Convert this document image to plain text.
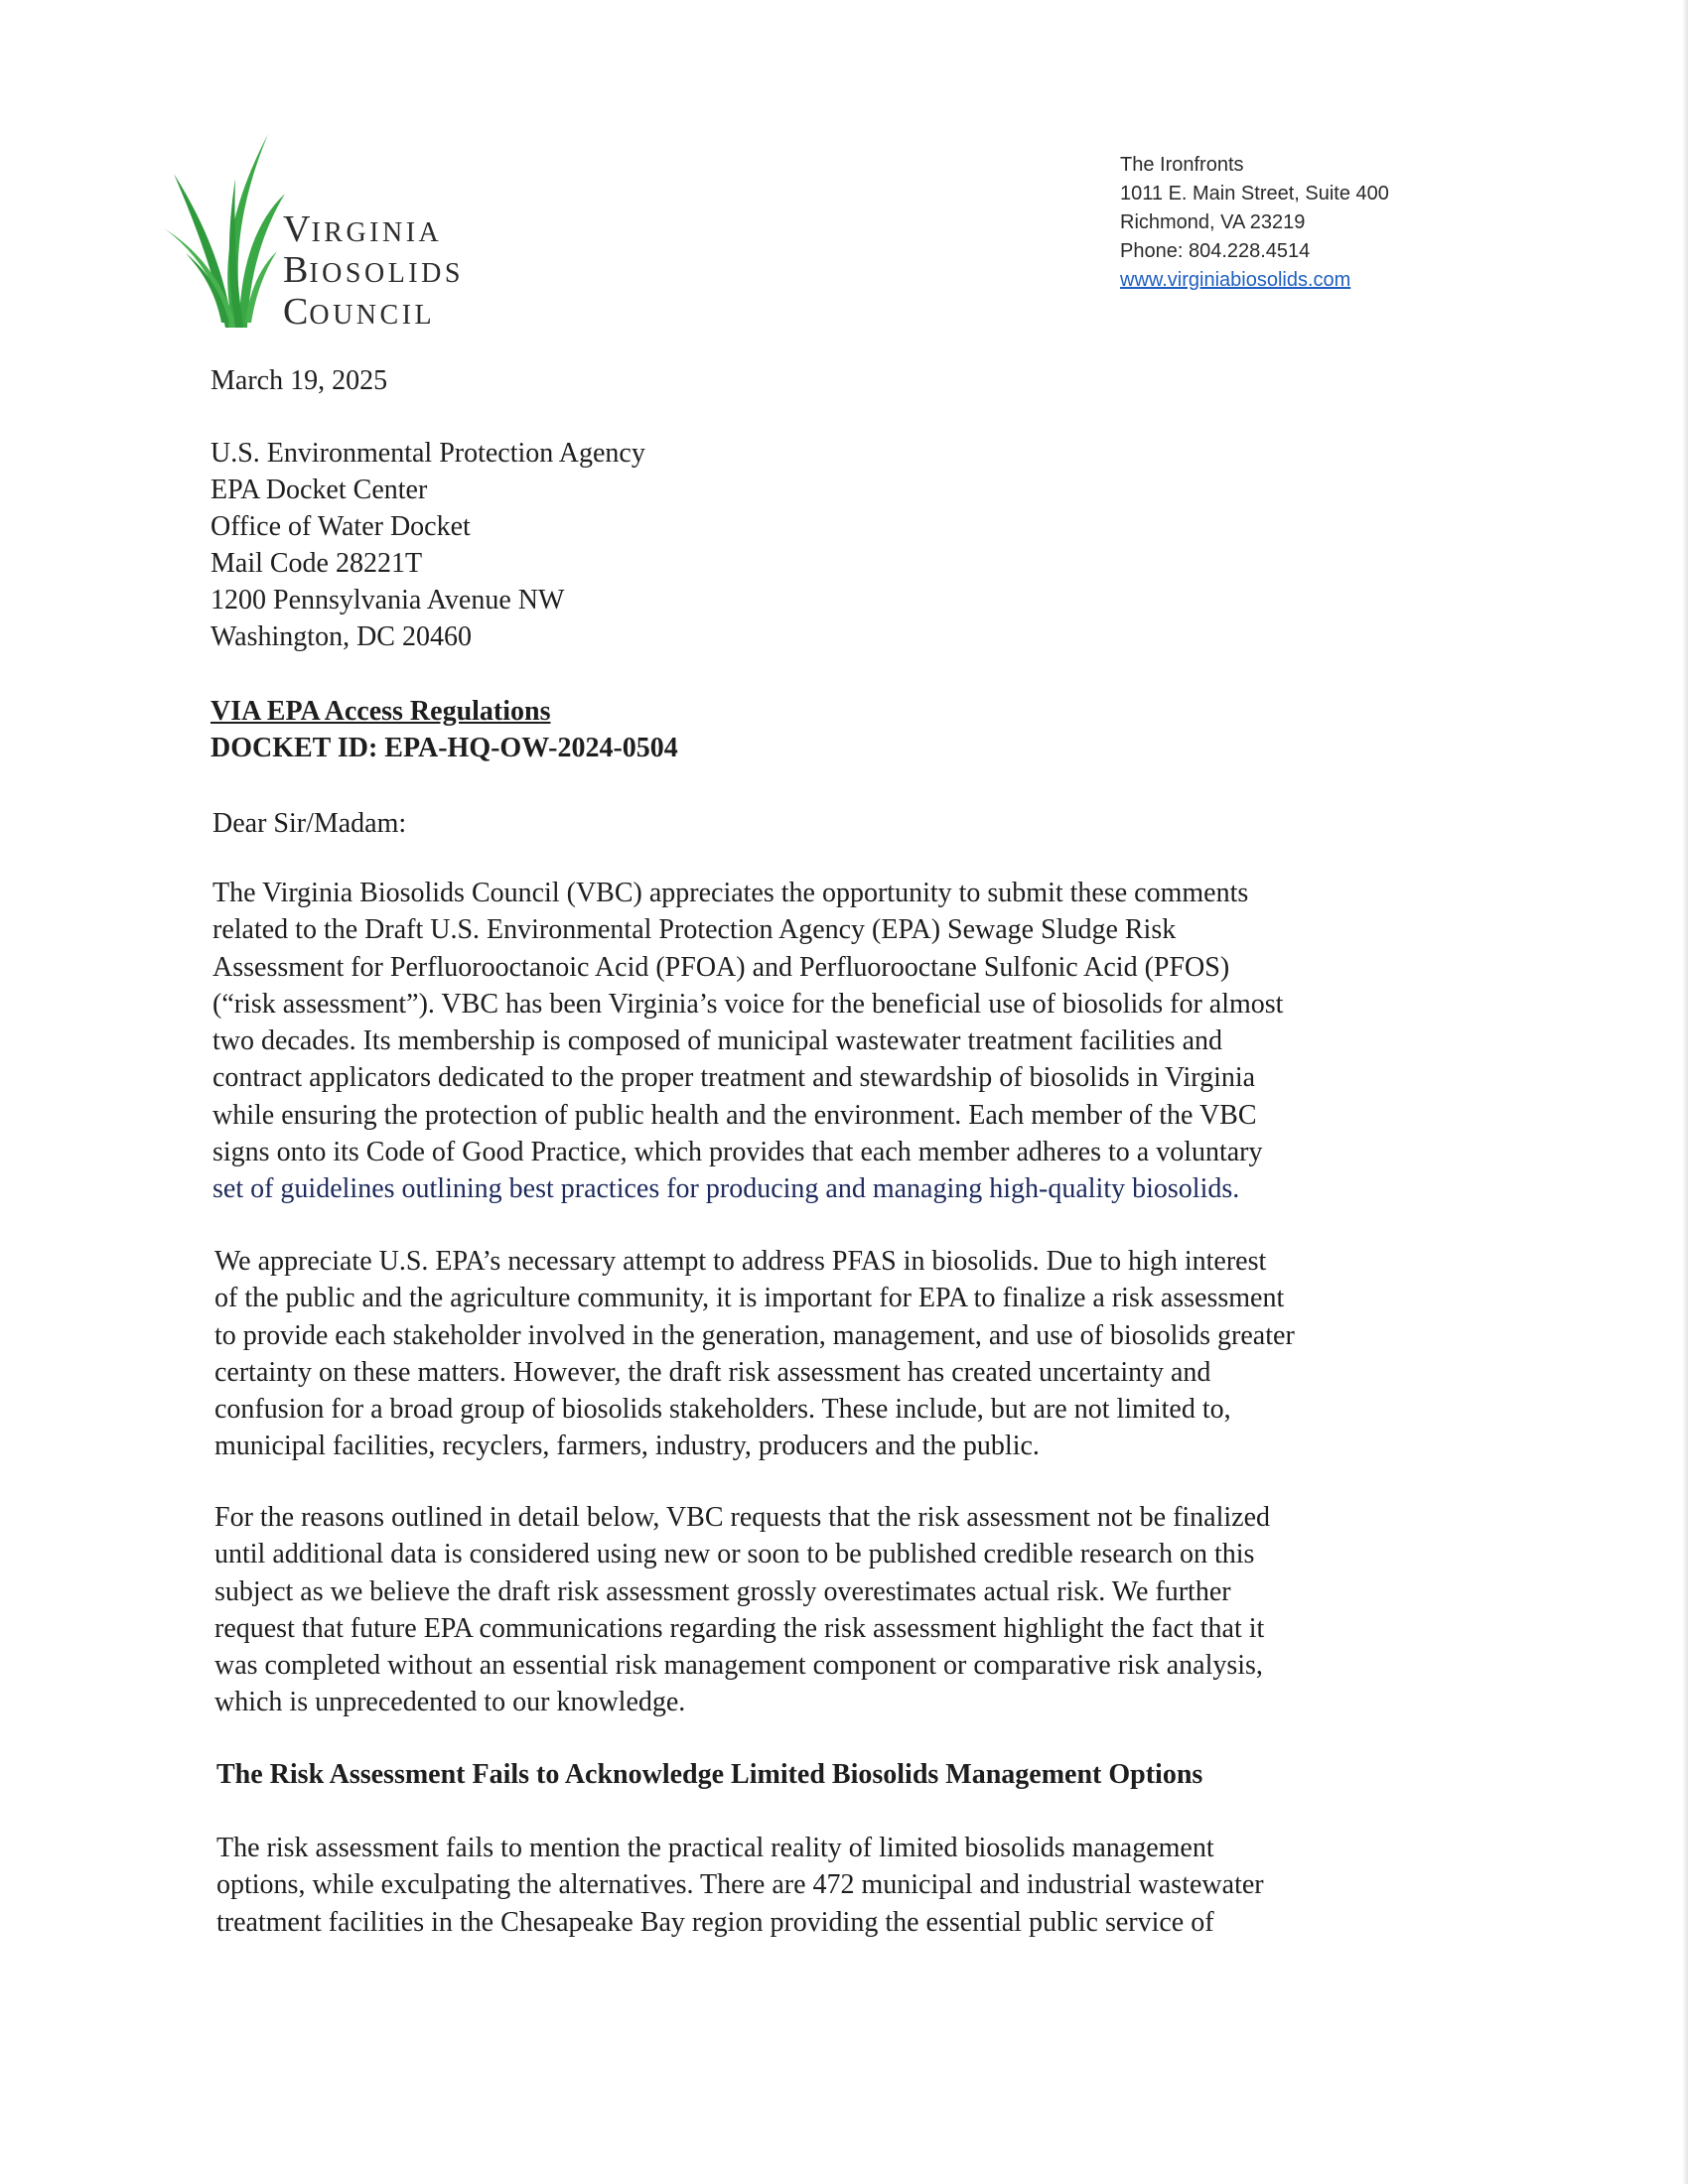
VIRGINIA
BIOSOLIDS
COUNCIL
The Ironfronts
1011 E. Main Street, Suite 400
Richmond, VA 23219
Phone: 804.228.4514
www.virginiabiosolids.com
March 19, 2025
U.S. Environmental Protection Agency
EPA Docket Center
Office of Water Docket
Mail Code 28221T
1200 Pennsylvania Avenue NW
Washington, DC 20460
VIA EPA Access Regulations
DOCKET ID: EPA-HQ-OW-2024-0504
Dear Sir/Madam:
The Virginia Biosolids Council (VBC) appreciates the opportunity to submit these comments
related to the Draft U.S. Environmental Protection Agency (EPA) Sewage Sludge Risk
Assessment for Perfluorooctanoic Acid (PFOA) and Perfluorooctane Sulfonic Acid (PFOS)
(“risk assessment”). VBC has been Virginia’s voice for the beneficial use of biosolids for almost
two decades. Its membership is composed of municipal wastewater treatment facilities and
contract applicators dedicated to the proper treatment and stewardship of biosolids in Virginia
while ensuring the protection of public health and the environment. Each member of the VBC
signs onto its Code of Good Practice, which provides that each member adheres to a voluntary
set of guidelines outlining best practices for producing and managing high-quality biosolids.
We appreciate U.S. EPA’s necessary attempt to address PFAS in biosolids. Due to high interest
of the public and the agriculture community, it is important for EPA to finalize a risk assessment
to provide each stakeholder involved in the generation, management, and use of biosolids greater
certainty on these matters. However, the draft risk assessment has created uncertainty and
confusion for a broad group of biosolids stakeholders. These include, but are not limited to,
municipal facilities, recyclers, farmers, industry, producers and the public.
For the reasons outlined in detail below, VBC requests that the risk assessment not be finalized
until additional data is considered using new or soon to be published credible research on this
subject as we believe the draft risk assessment grossly overestimates actual risk. We further
request that future EPA communications regarding the risk assessment highlight the fact that it
was completed without an essential risk management component or comparative risk analysis,
which is unprecedented to our knowledge.
The Risk Assessment Fails to Acknowledge Limited Biosolids Management Options
The risk assessment fails to mention the practical reality of limited biosolids management
options, while exculpating the alternatives. There are 472 municipal and industrial wastewater
treatment facilities in the Chesapeake Bay region providing the essential public service of
